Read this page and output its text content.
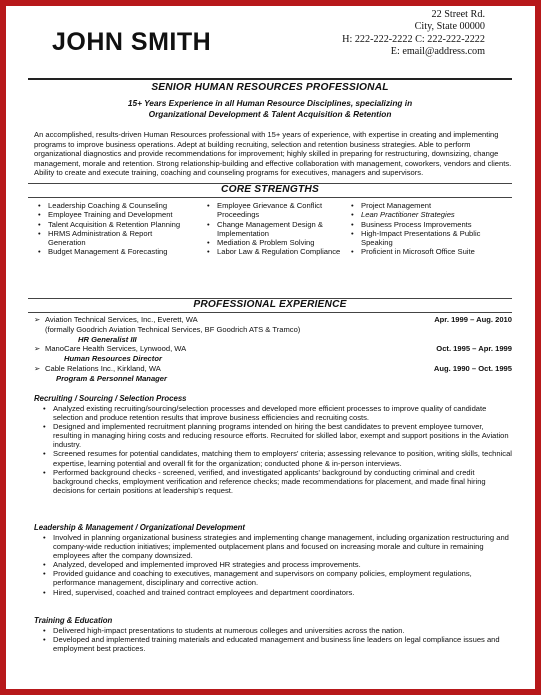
JOHN SMITH
22 Street Rd.
City, State 00000
H: 222-222-2222 C: 222-222-2222
E: email@address.com
SENIOR HUMAN RESOURCES PROFESSIONAL
15+ Years Experience in all Human Resource Disciplines, specializing in
Organizational Development & Talent Acquisition & Retention
An accomplished, results-driven Human Resources professional with 15+ years of experience, with expertise in creating and implementing programs to improve business operations. Adept at building recruiting, selection and retention business strategies. Able to perform organizational diagnostics and provide recommendations for improvement; highly skilled in preparing for restructuring, downsizing, change management, morale and retention. Strong relationship-building and effective collaboration with management, coworkers, vendors and clients. Ability to create and execute training, coaching and counseling programs for executives, managers and supervisors.
CORE STRENGTHS
• Leadership Coaching & Counseling
• Employee Training and Development
• Talent Acquisition & Retention Planning
• HRMS Administration & Report Generation
• Budget Management & Forecasting
• Employee Grievance & Conflict Proceedings
• Change Management Design & Implementation
• Mediation & Problem Solving
• Labor Law & Regulation Compliance
• Project Management
• Lean Practitioner Strategies
• Business Process Improvements
• High-Impact Presentations & Public Speaking
• Proficient in Microsoft Office Suite
PROFESSIONAL EXPERIENCE
➢ Aviation Technical Services, Inc., Everett, WA	Apr. 1999 – Aug. 2010
(formally Goodrich Aviation Technical Services, BF Goodrich ATS & Tramco)
HR Generalist III
➢ ManoCare Health Services, Lynwood, WA	Oct. 1995 – Apr. 1999
Human Resources Director
➢ Cable Relations Inc., Kirkland, WA	Aug. 1990 – Oct. 1995
Program & Personnel Manager
Recruiting / Sourcing / Selection Process
• Analyzed existing recruiting/sourcing/selection processes and developed more efficient processes to improve quality of candidate selection and produce retention results that improve business efficiencies and recruiting costs.
• Designed and implemented recruitment planning programs intended on hiring the best candidates to prevent employee turnover, resulting in managing hiring costs and reducing resource efforts. Recruited for skilled labor, exempt and support positions in the Aviation industry.
• Screened resumes for potential candidates, matching them to employers' criteria; assessing relevance to position, writing skills, technical expertise, learning potential and overall fit for the organization; conducted phone & in-person interviews.
• Performed background checks - screened, verified, and investigated applicants' background by conducting criminal and credit background checks, employment verification and reference checks; made recommendations for placement, and made final hiring decisions for certain positions at leadership's request.
Leadership & Management / Organizational Development
• Involved in planning organizational business strategies and implementing change management, including organization restructuring and company-wide reduction initiatives; implemented outplacement plans and focused on increasing morale and culture in remaining employees after the company downsized.
• Analyzed, developed and implemented improved HR strategies and process improvements.
• Provided guidance and coaching to executives, management and supervisors on company policies, employment regulations, performance management, disciplinary and corrective action.
• Hired, supervised, coached and trained contract employees and department coordinators.
Training & Education
• Delivered high-impact presentations to students at numerous colleges and universities across the nation.
• Developed and implemented training materials and educated management and business line leaders on legal compliance issues and employment best practices.
